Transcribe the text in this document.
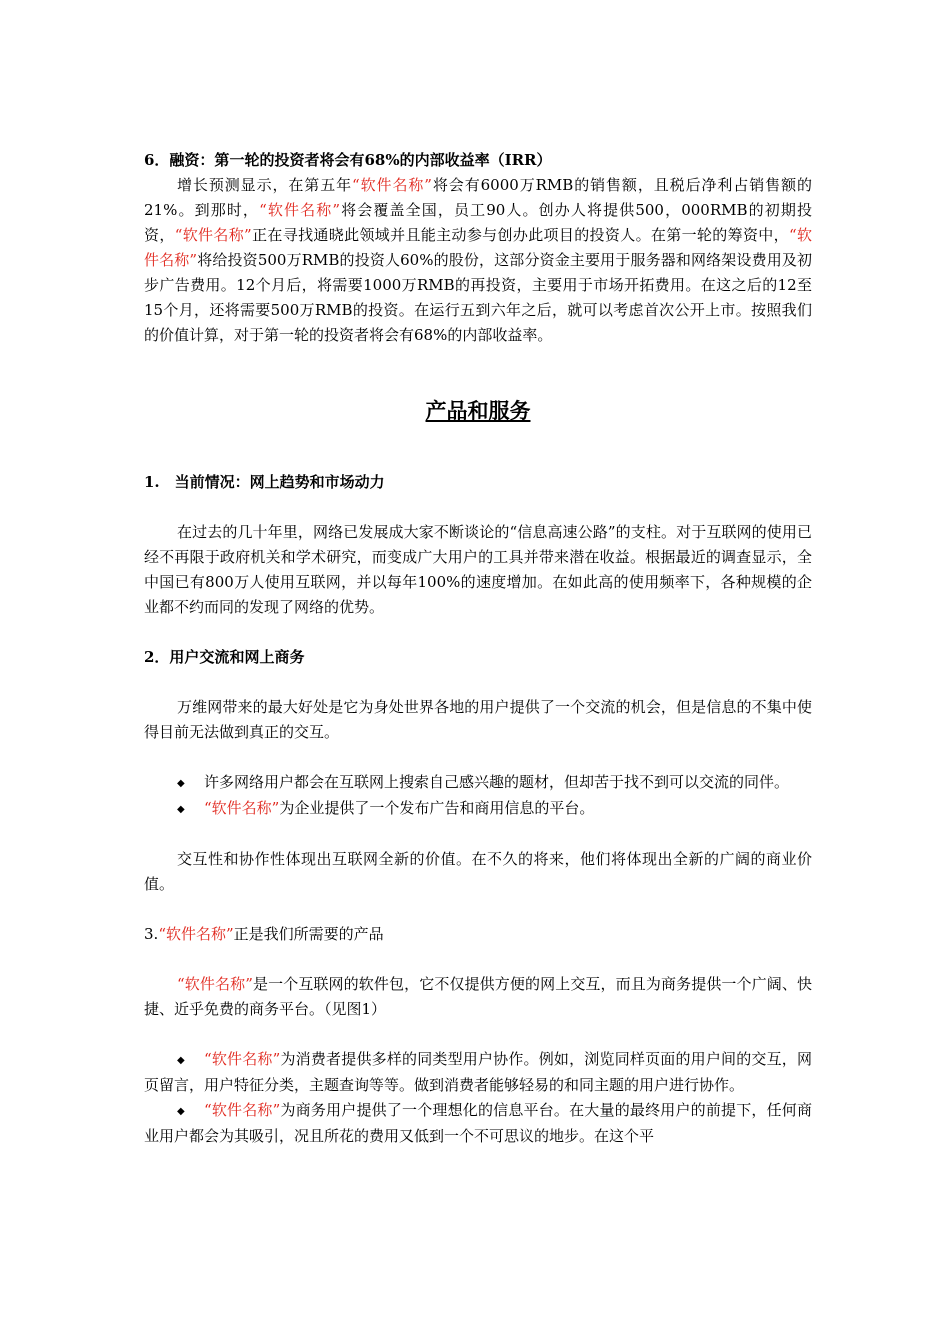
6．融资：第一轮的投资者将会有68%的内部收益率（IRR）

增长预测显示，在第五年“软件名称”将会有6000万RMB的销售额，且税后净利占销售额的21%。到那时，“软件名称”将会覆盖全国，员工90人。创办人将提供500，000RMB的初期投资，“软件名称”正在寻找通晓此领域并且能主动参与创办此项目的投资人。在第一轮的筹资中，“软件名称”将给投资500万RMB的投资人60%的股份，这部分资金主要用于服务器和网络架设费用及初步广告费用。12个月后，将需要1000万RMB的再投资，主要用于市场开拓费用。在这之后的12至15个月，还将需要500万RMB的投资。在运行五到六年之后，就可以考虑首次公开上市。按照我们的价值计算，对于第一轮的投资者将会有68%的内部收益率。

产品和服务

1.　当前情况：网上趋势和市场动力

在过去的几十年里，网络已发展成大家不断谈论的“信息高速公路”的支柱。对于互联网的使用已经不再限于政府机关和学术研究，而变成广大用户的工具并带来潜在收益。根据最近的调查显示，全中国已有800万人使用互联网，并以每年100%的速度增加。在如此高的使用频率下，各种规模的企业都不约而同的发现了网络的优势。

2．用户交流和网上商务

万维网带来的最大好处是它为身处世界各地的用户提供了一个交流的机会，但是信息的不集中使得目前无法做到真正的交互。

◆ 许多网络用户都会在互联网上搜索自己感兴趣的题材，但却苦于找不到可以交流的同伴。

◆ “软件名称”为企业提供了一个发布广告和商用信息的平台。

交互性和协作性体现出互联网全新的价值。在不久的将来，他们将体现出全新的广阔的商业价值。

3.“软件名称”正是我们所需要的产品

“软件名称”是一个互联网的软件包，它不仅提供方便的网上交互，而且为商务提供一个广阔、快捷、近乎免费的商务平台。（见图1）

◆ “软件名称”为消费者提供多样的同类型用户协作。例如，浏览同样页面的用户间的交互，网页留言，用户特征分类，主题查询等等。做到消费者能够轻易的和同主题的用户进行协作。

◆ “软件名称”为商务用户提供了一个理想化的信息平台。在大量的最终用户的前提下，任何商业用户都会为其吸引，况且所花的费用又低到一个不可思议的地步。在这个平
